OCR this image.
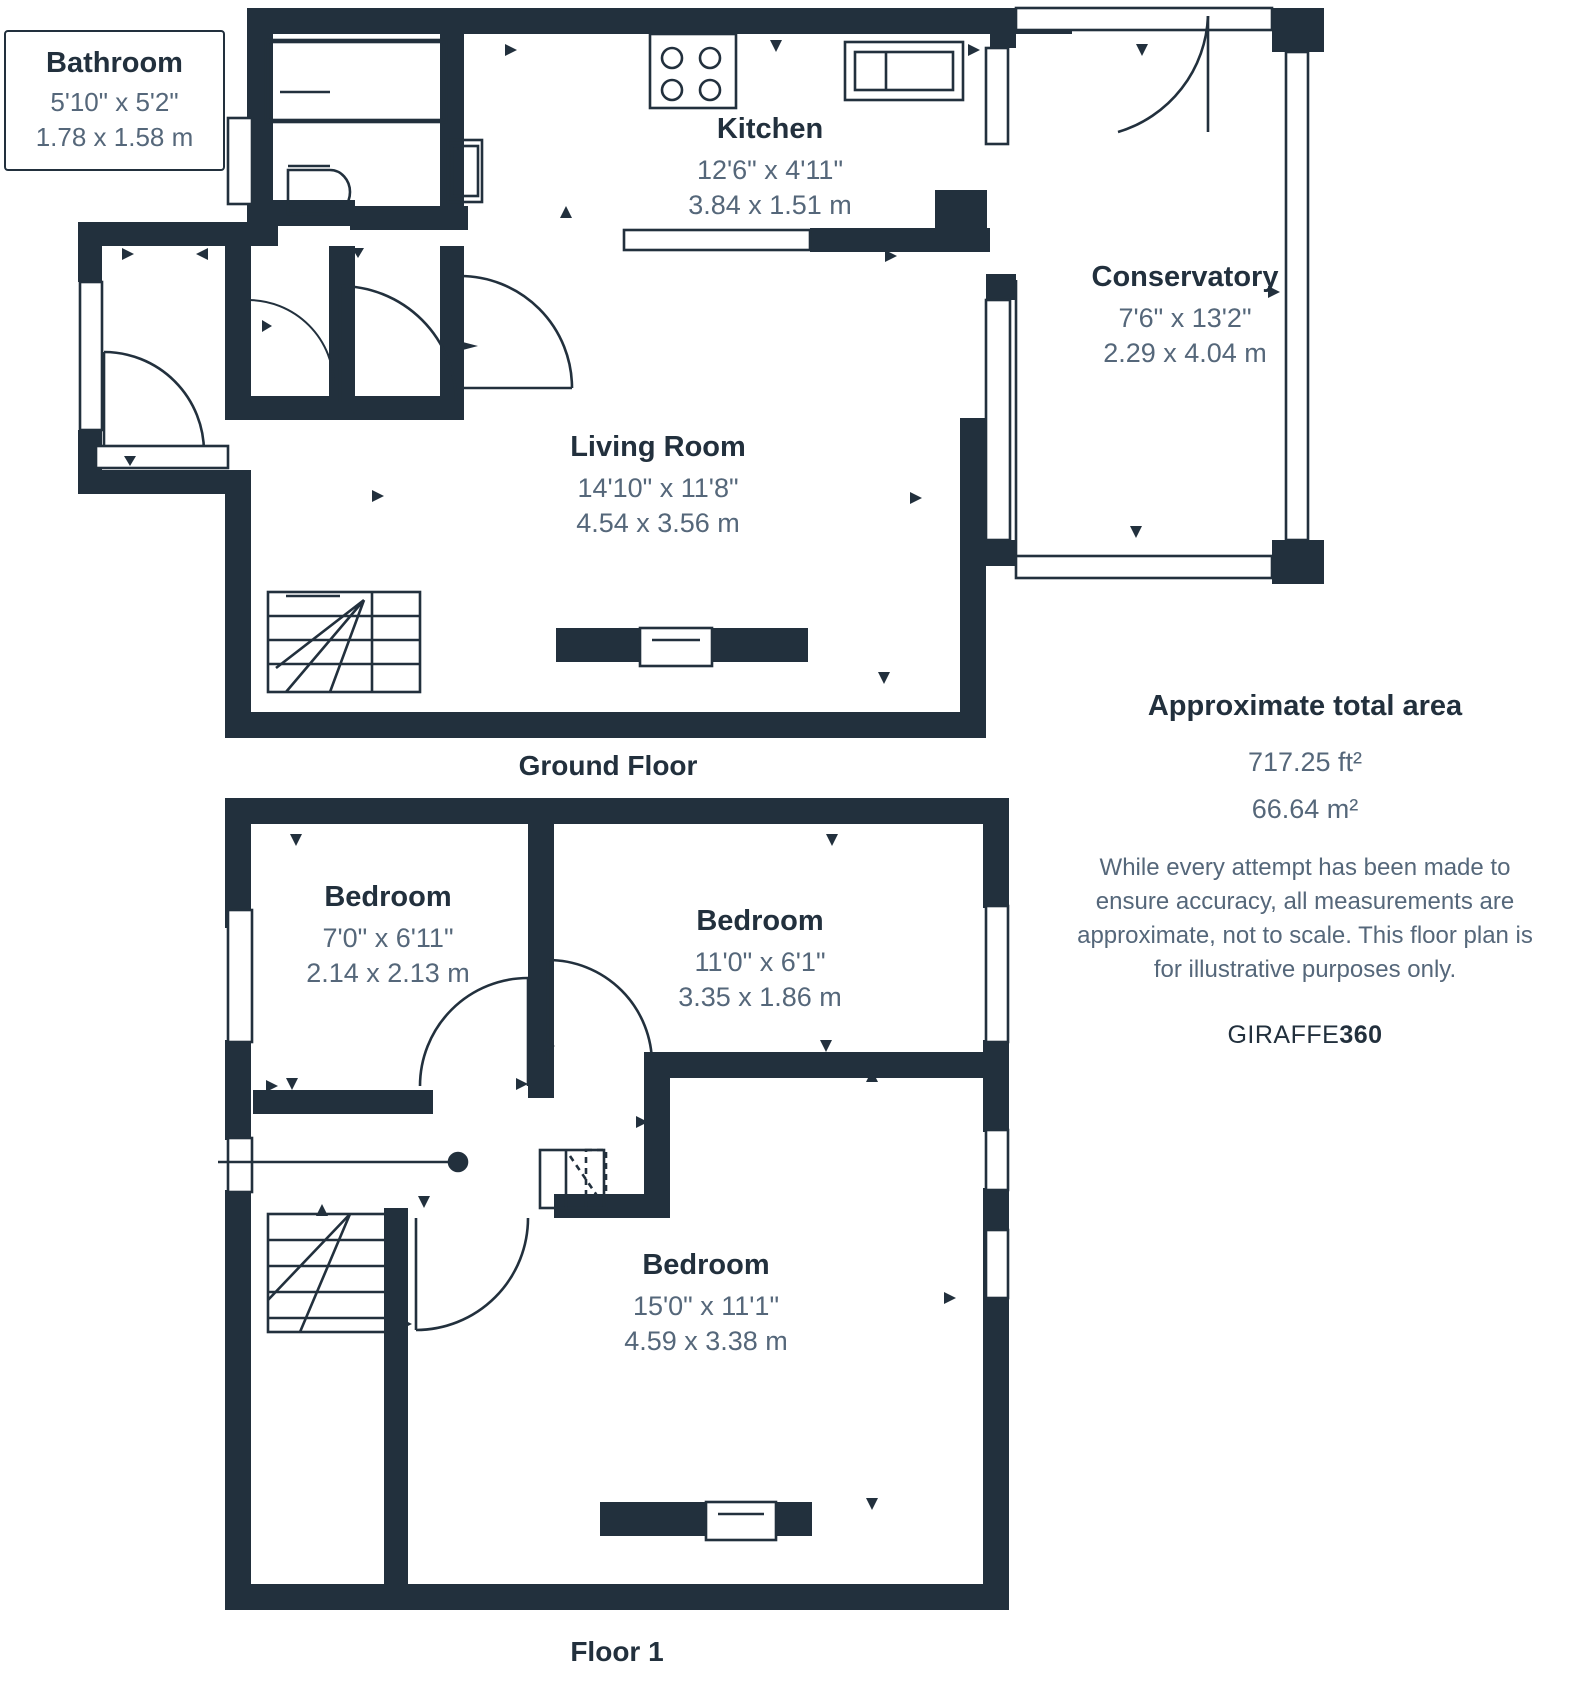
Bathroom
5'10" x 5'2"
1.78 x 1.58 m	Kitchen
12'6" x 4'11"
3.84 x 1.51 m
Conservatory
7'6" x 13'2"
2.29 x 4.04 m
Living Room
14'10" x 11'8"
4.54 x 3.56 m
Ground Floor
Bedroom
7'0" x 6'11"
2.14 x 2.13 m
Bedroom
11'0" x 6'1"
3.35 x 1.86 m
Bedroom
15'0" x 11'1"
4.59 x 3.38 m
Floor 1
Approximate total area
717.25 ft²
66.64 m²
While every attempt has been made to ensure accuracy, all measurements are approximate, not to scale. This floor plan is for illustrative purposes only.
GIRAFFE360
